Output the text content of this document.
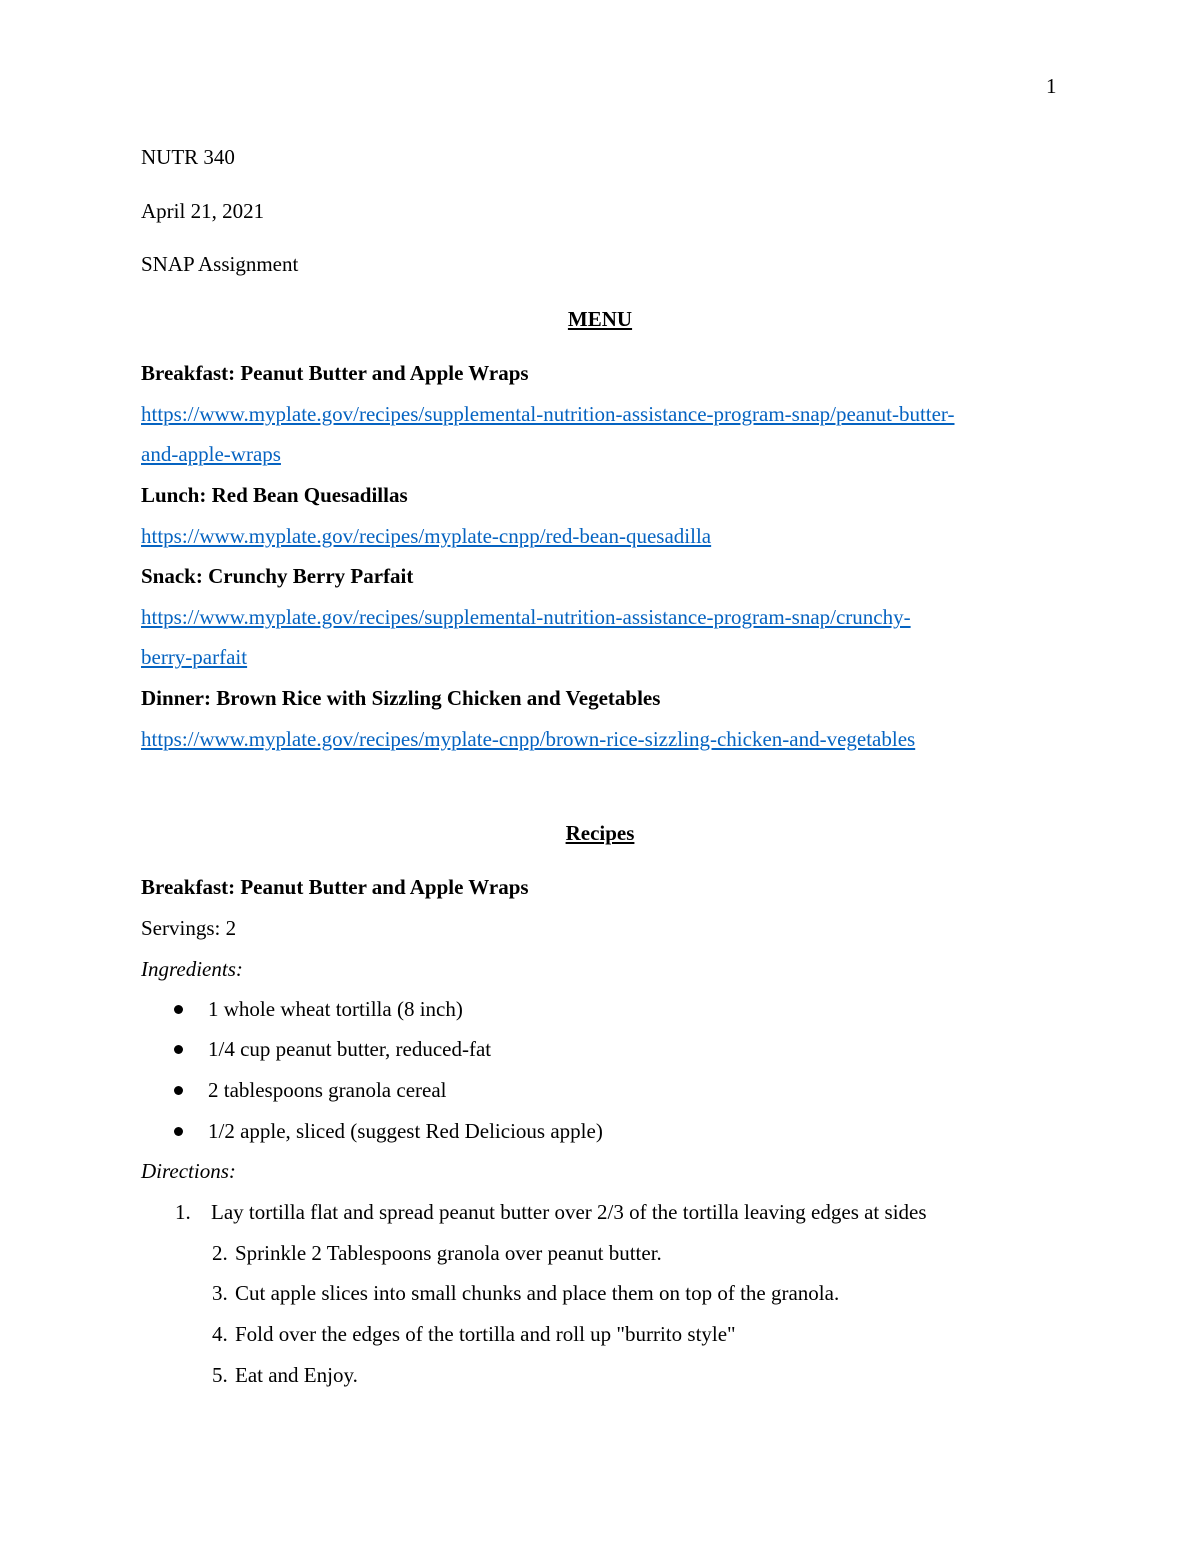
1
NUTR 340
April 21, 2021
SNAP Assignment
MENU
Breakfast: Peanut Butter and Apple Wraps
https://www.myplate.gov/recipes/supplemental-nutrition-assistance-program-snap/peanut-butter-
and-apple-wraps
Lunch: Red Bean Quesadillas
https://www.myplate.gov/recipes/myplate-cnpp/red-bean-quesadilla
Snack: Crunchy Berry Parfait
https://www.myplate.gov/recipes/supplemental-nutrition-assistance-program-snap/crunchy-
berry-parfait
Dinner: Brown Rice with Sizzling Chicken and Vegetables
https://www.myplate.gov/recipes/myplate-cnpp/brown-rice-sizzling-chicken-and-vegetables
Recipes
Breakfast: Peanut Butter and Apple Wraps
Servings: 2
Ingredients:
1 whole wheat tortilla (8 inch)
1/4 cup peanut butter, reduced-fat
2 tablespoons granola cereal
1/2 apple, sliced (suggest Red Delicious apple)
Directions:
1. Lay tortilla flat and spread peanut butter over 2/3 of the tortilla leaving edges at sides
2. Sprinkle 2 Tablespoons granola over peanut butter.
3. Cut apple slices into small chunks and place them on top of the granola.
4. Fold over the edges of the tortilla and roll up "burrito style"
5. Eat and Enjoy.
